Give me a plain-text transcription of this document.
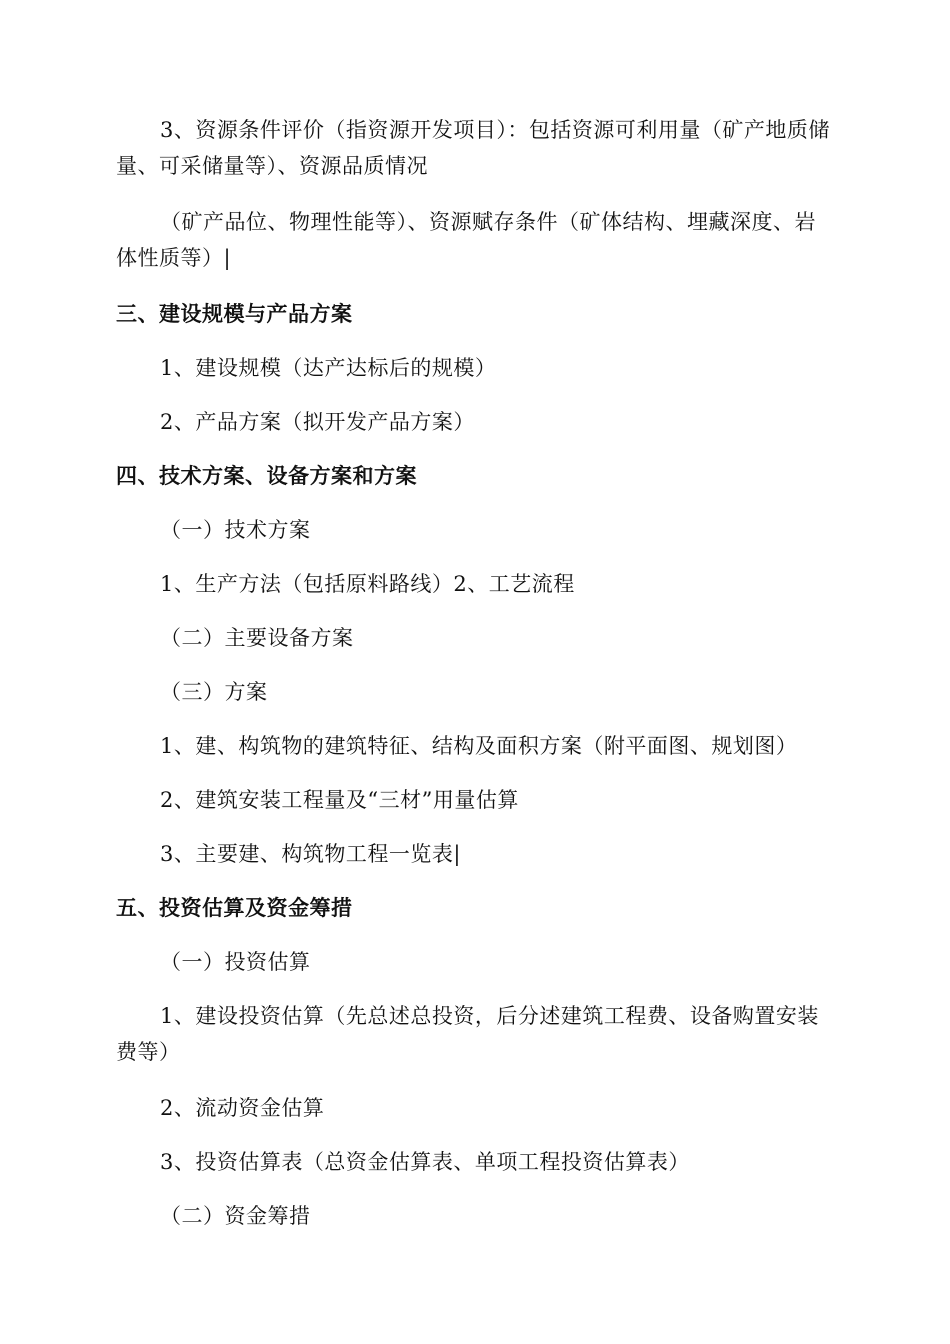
3、资源条件评价（指资源开发项目）：包括资源可利用量（矿产地质储量、可采储量等）、资源品质情况
（矿产品位、物理性能等）、资源赋存条件（矿体结构、埋藏深度、岩体性质等）|
三、建设规模与产品方案
1、建设规模（达产达标后的规模）
2、产品方案（拟开发产品方案）
四、技术方案、设备方案和方案
（一）技术方案
1、生产方法（包括原料路线）2、工艺流程
（二）主要设备方案
（三）方案
1、建、构筑物的建筑特征、结构及面积方案（附平面图、规划图）
2、建筑安装工程量及“三材”用量估算
3、主要建、构筑物工程一览表|
五、投资估算及资金筹措
（一）投资估算
1、建设投资估算（先总述总投资，后分述建筑工程费、设备购置安装费等）
2、流动资金估算
3、投资估算表（总资金估算表、单项工程投资估算表）
（二）资金筹措
